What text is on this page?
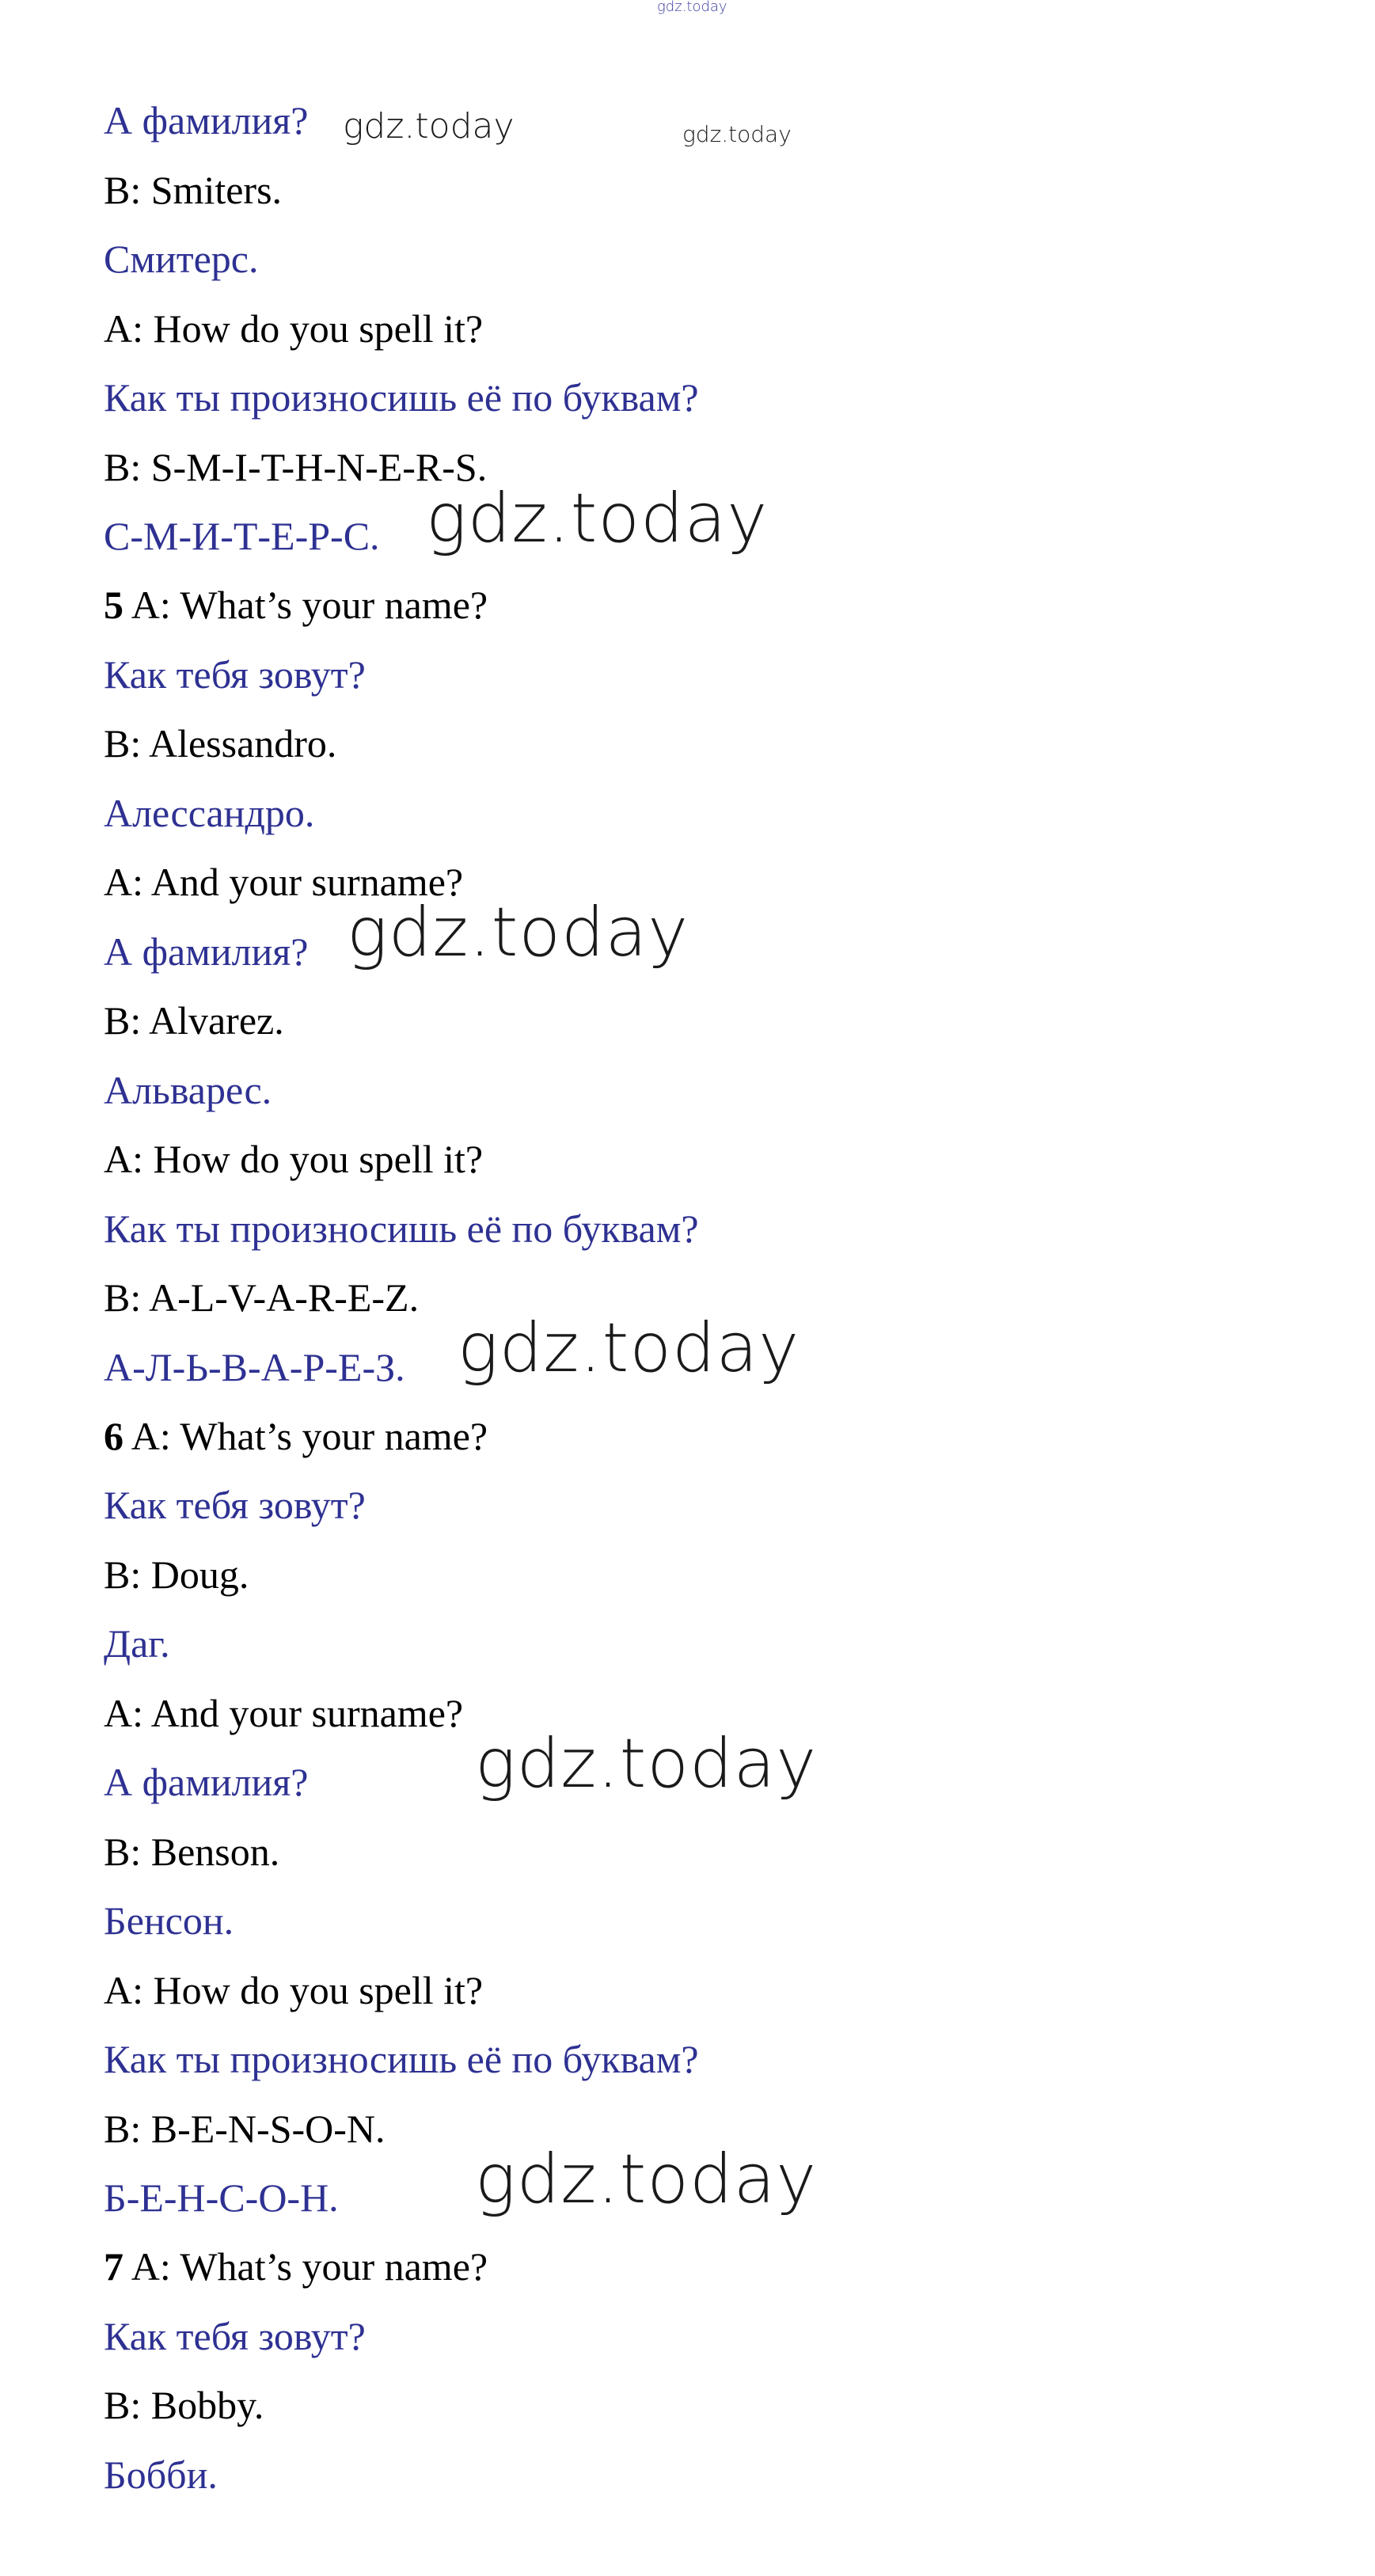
gdz.today

А фамилия?

B: Smiters.

Смитерс.

A: How do you spell it?

Как ты произносишь её по буквам?

B: S-M-I-T-H-N-E-R-S.

С-М-И-Т-Е-Р-С.

5 A: What’s your name?

Как тебя зовут?

B: Alessandro.

Алессандро.

A: And your surname?

А фамилия?

B: Alvarez.

Альварес.

A: How do you spell it?

Как ты произносишь её по буквам?

B: A-L-V-A-R-E-Z.

А-Л-Ь-В-А-Р-Е-З.

6 A: What’s your name?

Как тебя зовут?

B: Doug.

Даг.

A: And your surname?

А фамилия?

B: Benson.

Бенсон.

A: How do you spell it?

Как ты произносишь её по буквам?

B: B-E-N-S-O-N.

Б-Е-Н-С-О-Н.

7 A: What’s your name?

Как тебя зовут?

B: Bobby.

Бобби.

gdz.today	gdz.today
gdz.today
gdz.today
gdz.today
gdz.today
gdz.today
